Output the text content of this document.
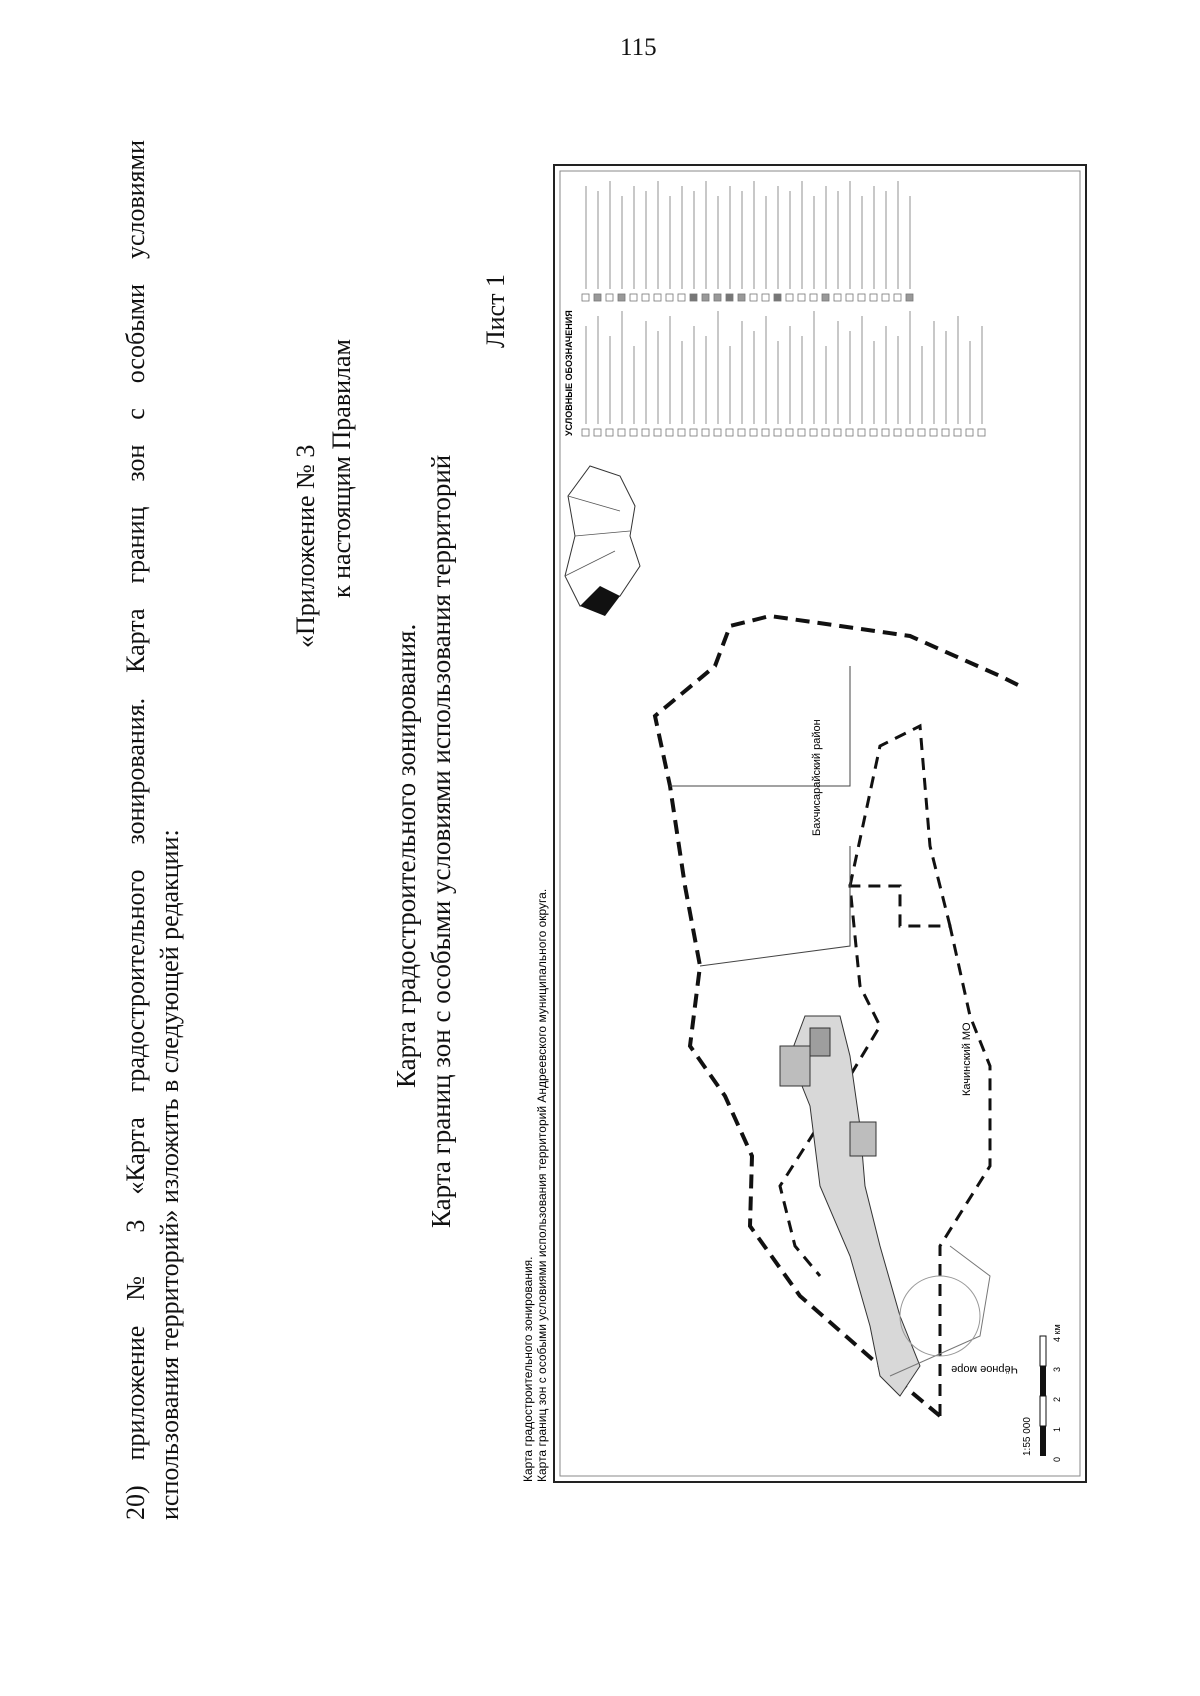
115
20) приложение № 3 «Карта градостроительного зонирования. Карта границ зон с особыми условиями использования территорий» изложить в следующей редакции:
«Приложение № 3 к настоящим Правилам
Карта градостроительного зонирования. Карта границ зон с особыми условиями использования территорий
Лист 1
Карта градостроительного зонирования. Карта границ зон с особыми условиями использования территорий Андреевского муниципального округа.	Чёрное море
Бахчисарайский район
Качинский МО
0
1
2
3
4 км
1:55 000
УСЛОВНЫЕ ОБОЗНАЧЕНИЯ
